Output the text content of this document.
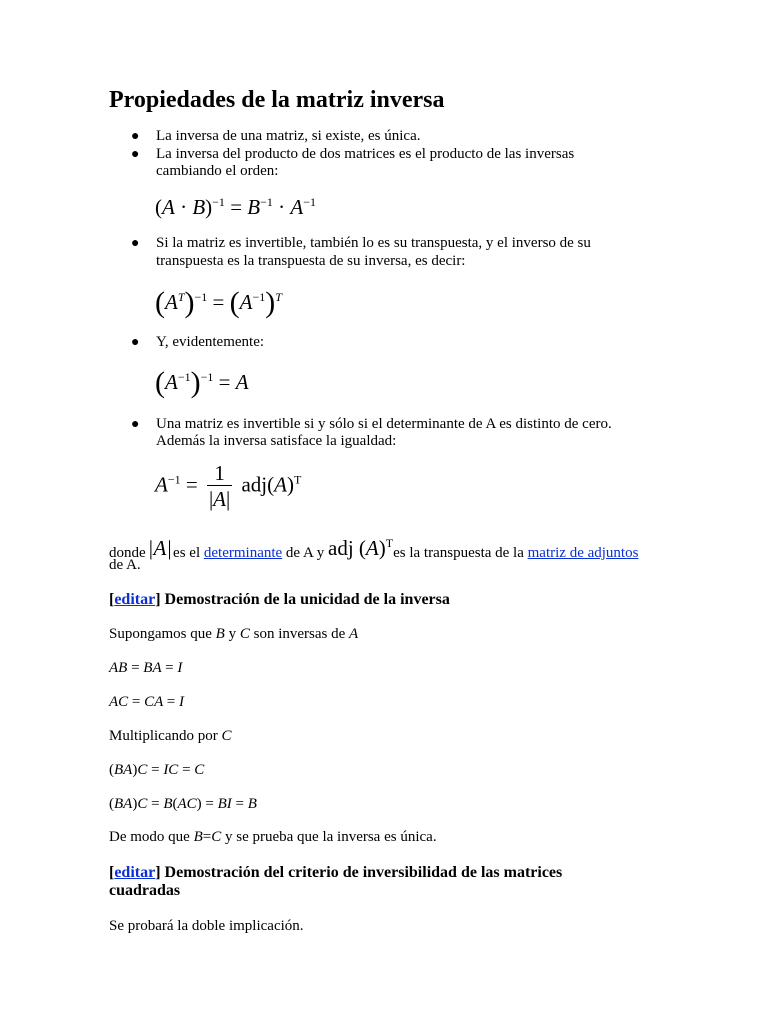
Propiedades de la matriz inversa
● La inversa de una matriz, si existe, es única.
● La inversa del producto de dos matrices es el producto de las inversas
cambiando el orden:
$(A \cdot B)^{-1} = B^{-1} \cdot A^{-1}$
● Si la matriz es invertible, también lo es su transpuesta, y el inverso de su
transpuesta es la transpuesta de su inversa, es decir:
$(A^T)^{-1} = (A^{-1})^T$
● Y, evidentemente:
$(A^{-1})^{-1} = A$
● Una matriz es invertible si y sólo si el determinante de A es distinto de cero.
Además la inversa satisface la igualdad:
$A^{-1} = \frac{1}{|A|} adj(A)^T$
donde|A|es el determinante de A y adj $(A)^Tes$ la transpuesta de la matriz de adjuntos
de A.
[editar] Demostración de la unicidad de la inversa
Supongamos que B y C son inversas de A
AB = BA = I
AC = CA = I
Multiplicando por C
(BA)C = IC = C
(BA)C = B(AC) = BI = B
De modo que B=C y se prueba que la inversa es única.
[editar] Demostración del criterio de inversibilidad de las matrices
cuadradas
Se probará la doble implicación.
